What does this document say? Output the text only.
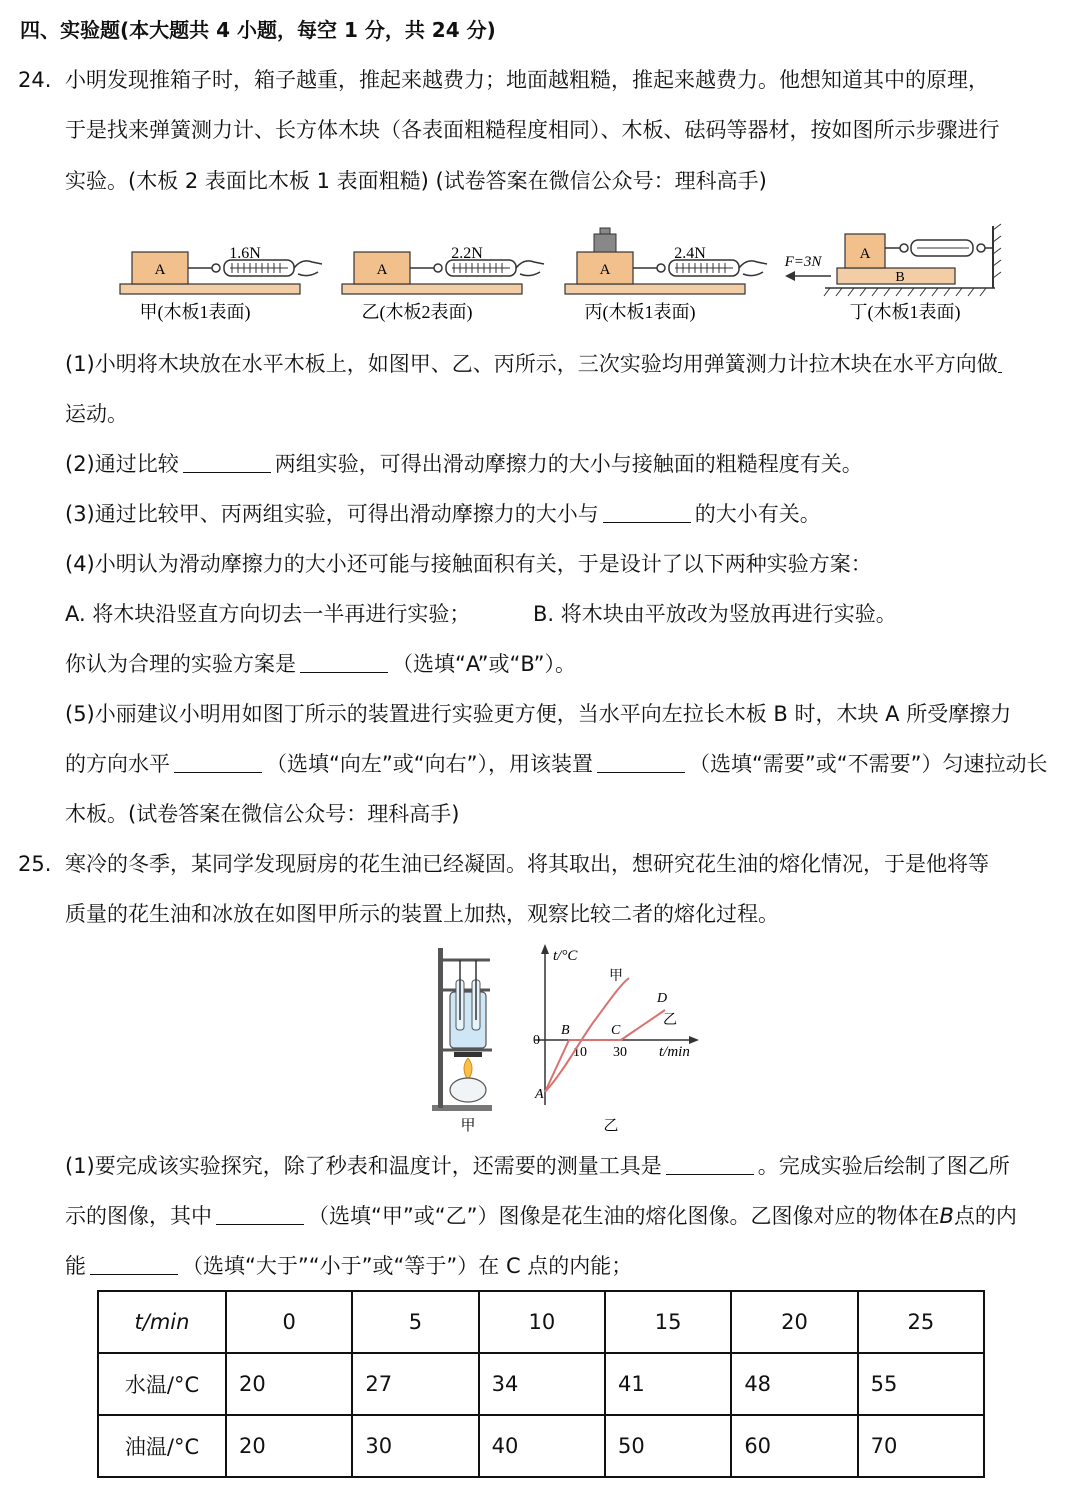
四、实验题(本大题共 4 小题，每空 1 分，共 24 分)
24. 小明发现推箱子时，箱子越重，推起来越费力；地面越粗糙，推起来越费力。他想知道其中的原理，
于是找来弹簧测力计、长方体木块（各表面粗糙程度相同）、木板、砝码等器材，按如图所示步骤进行
实验。(木板 2 表面比木板 1 表面粗糙) (试卷答案在微信公众号：理科高手)
A
1.6N
甲(木板1表面)
A
2.2N
乙(木板2表面)
A
2.4N
丙(木板1表面)
B
A
F=3N
丁(木板1表面)
(1)小明将木块放在水平木板上，如图甲、乙、丙所示，三次实验均用弹簧测力计拉木块在水平方向做
运动。
(2)通过比较	两组实验，可得出滑动摩擦力的大小与接触面的粗糙程度有关。
(3)通过比较甲、丙两组实验，可得出滑动摩擦力的大小与	的大小有关。
(4)小明认为滑动摩擦力的大小还可能与接触面积有关，于是设计了以下两种实验方案：
A. 将木块沿竖直方向切去一半再进行实验；	B. 将木块由平放改为竖放再进行实验。
你认为合理的实验方案是	（选填“A”或“B”）。
(5)小丽建议小明用如图丁所示的装置进行实验更方便，当水平向左拉长木板 B 时，木块 A 所受摩擦力
的方向水平	（选填“向左”或“向右”），用该装置	（选填“需要”或“不需要”）匀速拉动长
木板。(试卷答案在微信公众号：理科高手)
25. 寒冷的冬季，某同学发现厨房的花生油已经凝固。将其取出，想研究花生油的熔化情况，于是他将等
质量的花生油和冰放在如图甲所示的装置上加热，观察比较二者的熔化过程。
甲
t/°C
t/min
0
10 30
A
B	C
D
甲
乙
乙
(1)要完成该实验探究，除了秒表和温度计，还需要的测量工具是	。完成实验后绘制了图乙所
示的图像，其中	（选填“甲”或“乙”）图像是花生油的熔化图像。乙图像对应的物体在B点的内
能	（选填“大于”“小于”或“等于”）在 C 点的内能；
t/min	0	5	10	15	20	25
水温/°C	20	27	34	41	48	55
油温/°C	20	30	40	50	60	70
